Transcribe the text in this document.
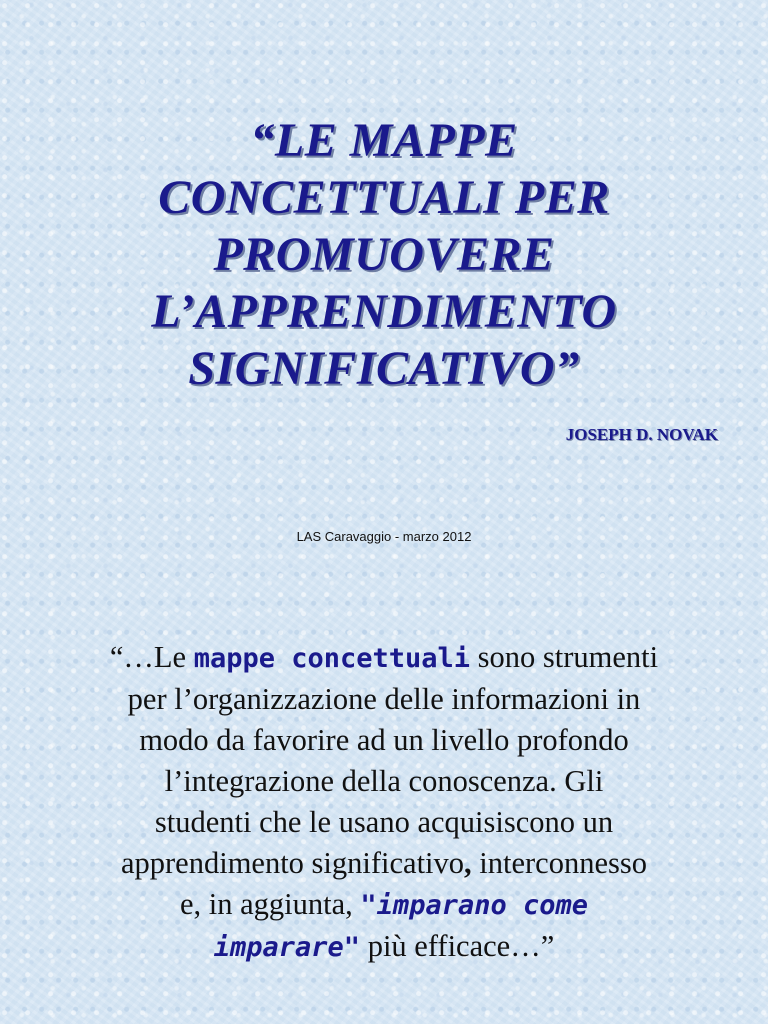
“LE MAPPE
CONCETTUALI PER
PROMUOVERE
L’APPRENDIMENTO
SIGNIFICATIVO”
JOSEPH D. NOVAK
LAS Caravaggio - marzo 2012

“…Le mappe concettuali sono strumenti
per l’organizzazione delle informazioni in
modo da favorire ad un livello profondo
l’integrazione della conoscenza. Gli
studenti che le usano acquisiscono un
apprendimento significativo, interconnesso
e, in aggiunta, "imparano come
imparare" più efficace…”
